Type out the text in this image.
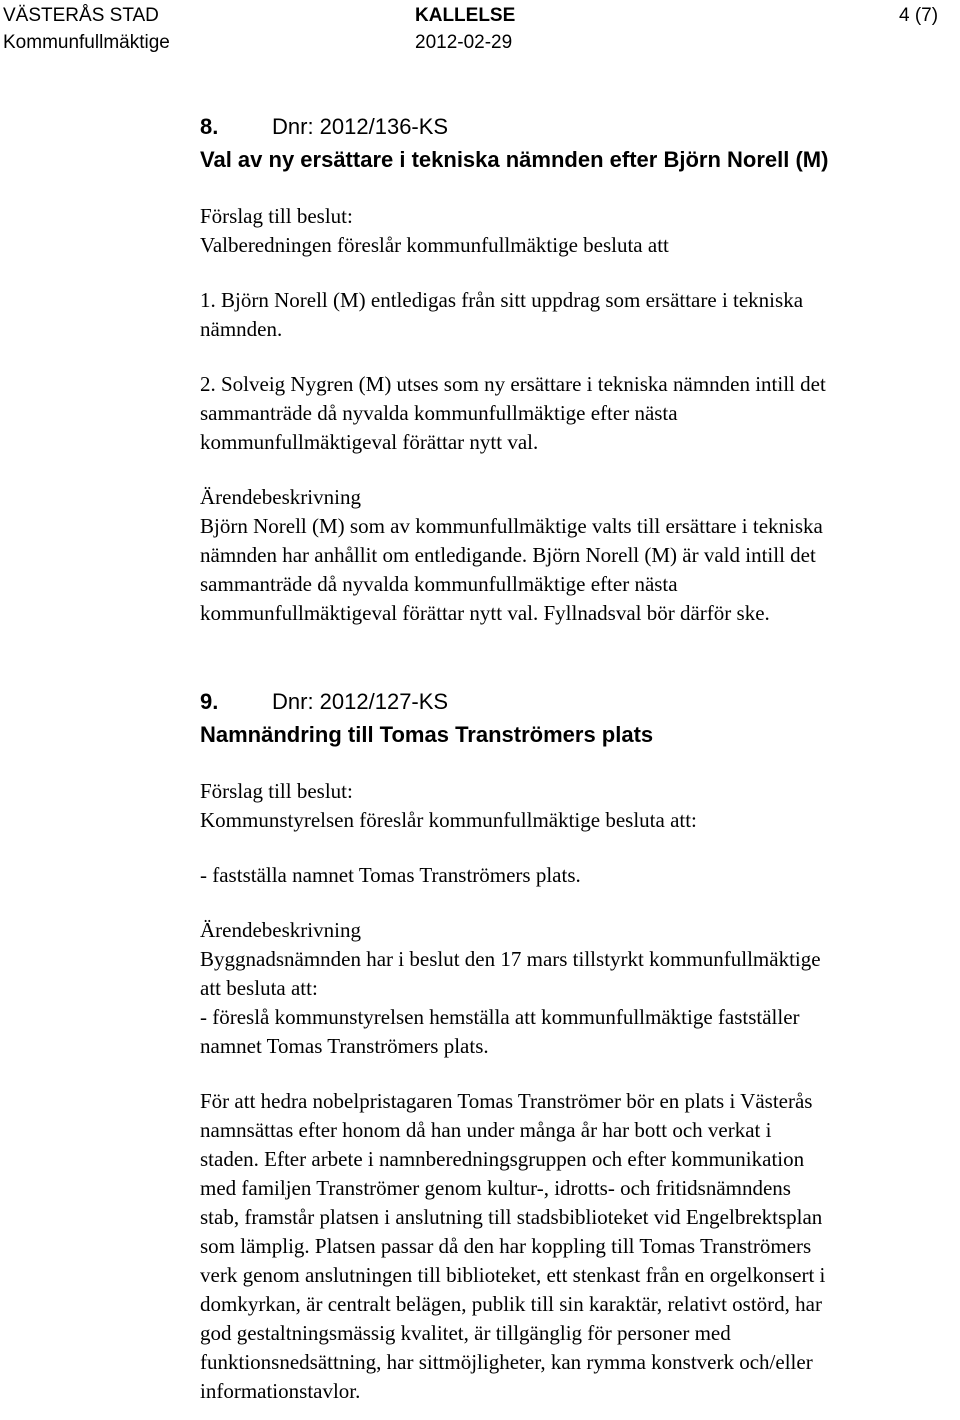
VÄSTERÅS STAD
Kommunfullmäktige
KALLELSE
2012-02-29
4 (7)
8. Dnr: 2012/136-KS
Val av ny ersättare i tekniska nämnden efter Björn Norell (M)
Förslag till beslut:
Valberedningen föreslår kommunfullmäktige besluta att
1. Björn Norell (M) entledigas från sitt uppdrag som ersättare i tekniska
nämnden.
2. Solveig Nygren (M) utses som ny ersättare i tekniska nämnden intill det
sammanträde då nyvalda kommunfullmäktige efter nästa
kommunfullmäktigeval förättar nytt val.
Ärendebeskrivning
Björn Norell (M) som av kommunfullmäktige valts till ersättare i tekniska
nämnden har anhållit om entledigande. Björn Norell (M) är vald intill det
sammanträde då nyvalda kommunfullmäktige efter nästa
kommunfullmäktigeval förättar nytt val. Fyllnadsval bör därför ske.
9. Dnr: 2012/127-KS
Namnändring till Tomas Tranströmers plats
Förslag till beslut:
Kommunstyrelsen föreslår kommunfullmäktige besluta att:
- fastställa namnet Tomas Tranströmers plats.
Ärendebeskrivning
Byggnadsnämnden har i beslut den 17 mars tillstyrkt kommunfullmäktige
att besluta att:
- föreslå kommunstyrelsen hemställa att kommunfullmäktige fastställer
namnet Tomas Tranströmers plats.
För att hedra nobelpristagaren Tomas Tranströmer bör en plats i Västerås
namnsättas efter honom då han under många år har bott och verkat i
staden. Efter arbete i namnberedningsgruppen och efter kommunikation
med familjen Tranströmer genom kultur-, idrotts- och fritidsnämndens
stab, framstår platsen i anslutning till stadsbiblioteket vid Engelbrektsplan
som lämplig. Platsen passar då den har koppling till Tomas Tranströmers
verk genom anslutningen till biblioteket, ett stenkast från en orgelkonsert i
domkyrkan, är centralt belägen, publik till sin karaktär, relativt ostörd, har
god gestaltningsmässig kvalitet, är tillgänglig för personer med
funktionsnedsättning, har sittmöjligheter, kan rymma konstverk och/eller
informationstavlor.
